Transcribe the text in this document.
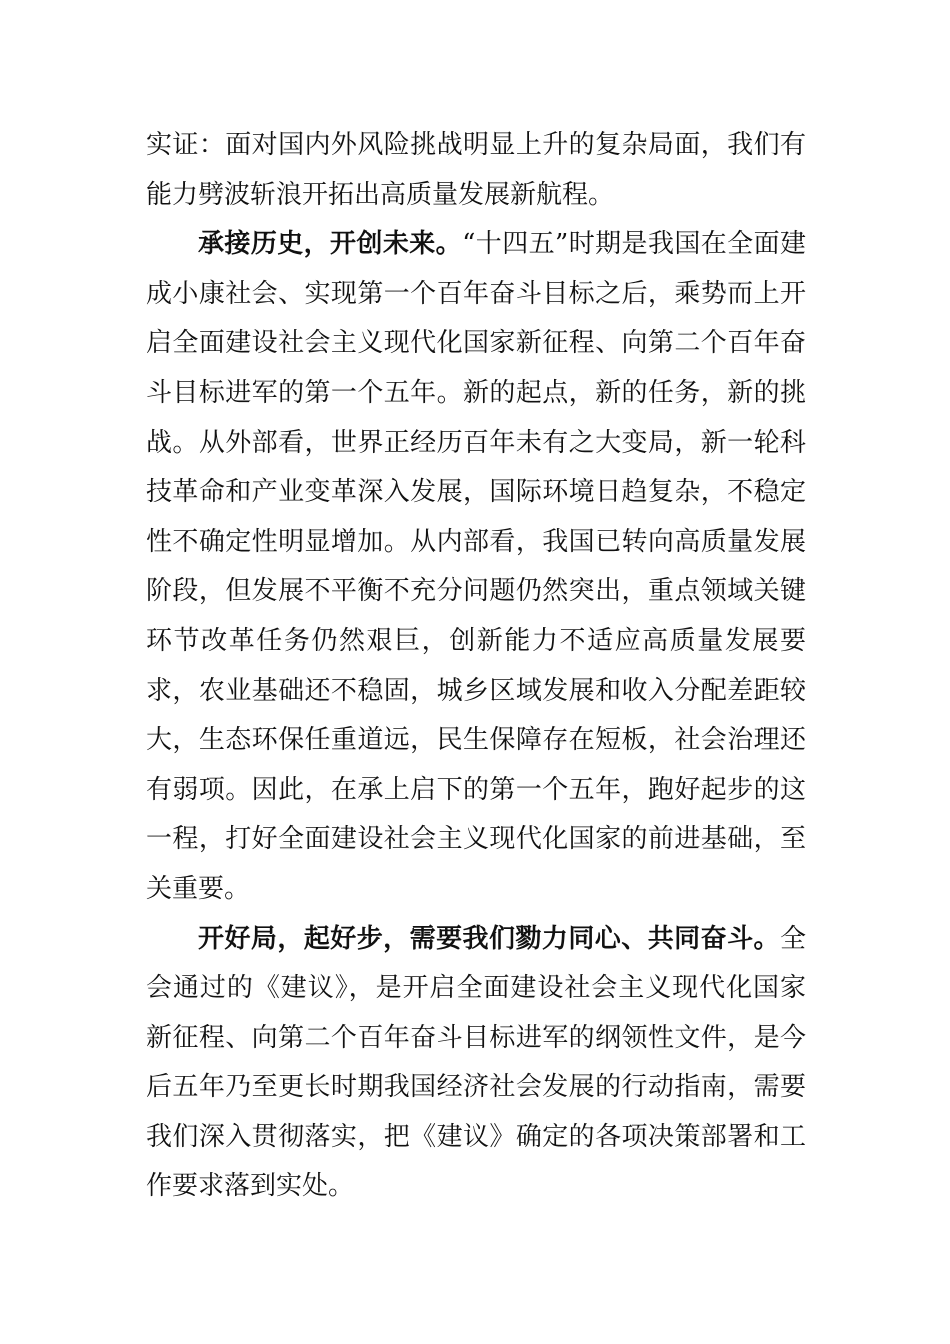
实证：面对国内外风险挑战明显上升的复杂局面，我们有能力劈波斩浪开拓出高质量发展新航程。

承接历史，开创未来。“十四五”时期是我国在全面建成小康社会、实现第一个百年奋斗目标之后，乘势而上开启全面建设社会主义现代化国家新征程、向第二个百年奋斗目标进军的第一个五年。新的起点，新的任务，新的挑战。从外部看，世界正经历百年未有之大变局，新一轮科技革命和产业变革深入发展，国际环境日趋复杂，不稳定性不确定性明显增加。从内部看，我国已转向高质量发展阶段，但发展不平衡不充分问题仍然突出，重点领域关键环节改革任务仍然艰巨，创新能力不适应高质量发展要求，农业基础还不稳固，城乡区域发展和收入分配差距较大，生态环保任重道远，民生保障存在短板，社会治理还有弱项。因此，在承上启下的第一个五年，跑好起步的这一程，打好全面建设社会主义现代化国家的前进基础，至关重要。

开好局，起好步，需要我们勠力同心、共同奋斗。全会通过的《建议》，是开启全面建设社会主义现代化国家新征程、向第二个百年奋斗目标进军的纲领性文件，是今后五年乃至更长时期我国经济社会发展的行动指南，需要我们深入贯彻落实，把《建议》确定的各项决策部署和工作要求落到实处。
